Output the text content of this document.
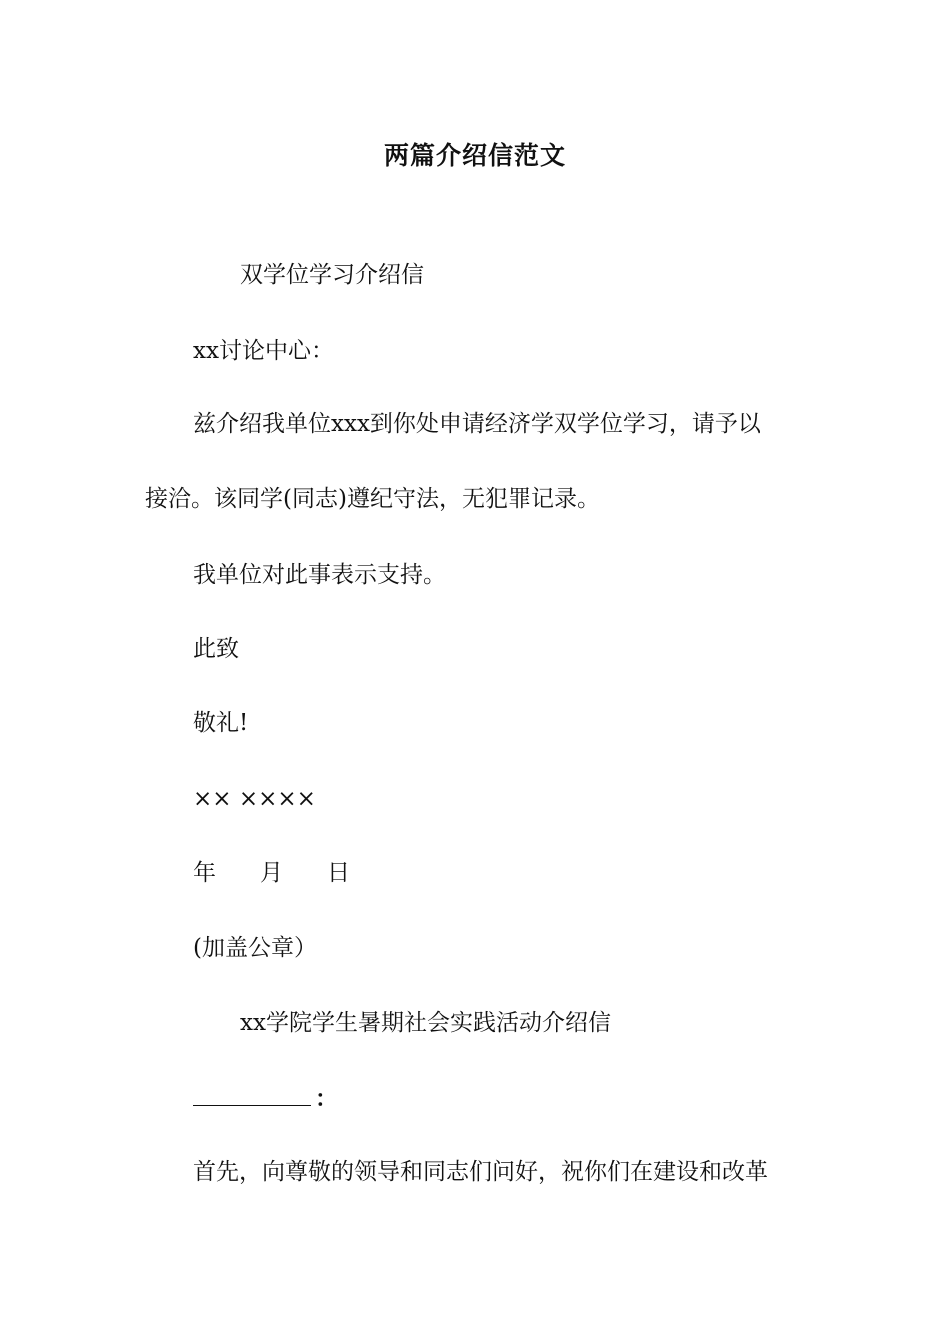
两篇介绍信范文
双学位学习介绍信
xx讨论中心：
兹介绍我单位xxx到你处申请经济学双学位学习，请予以
接洽。该同学(同志)遵纪守法，无犯罪记录。
我单位对此事表示支持。
此致
敬礼!
×× ××××
年 月 日
(加盖公章）
xx学院学生暑期社会实践活动介绍信
：
首先，向尊敬的领导和同志们问好，祝你们在建设和改革
